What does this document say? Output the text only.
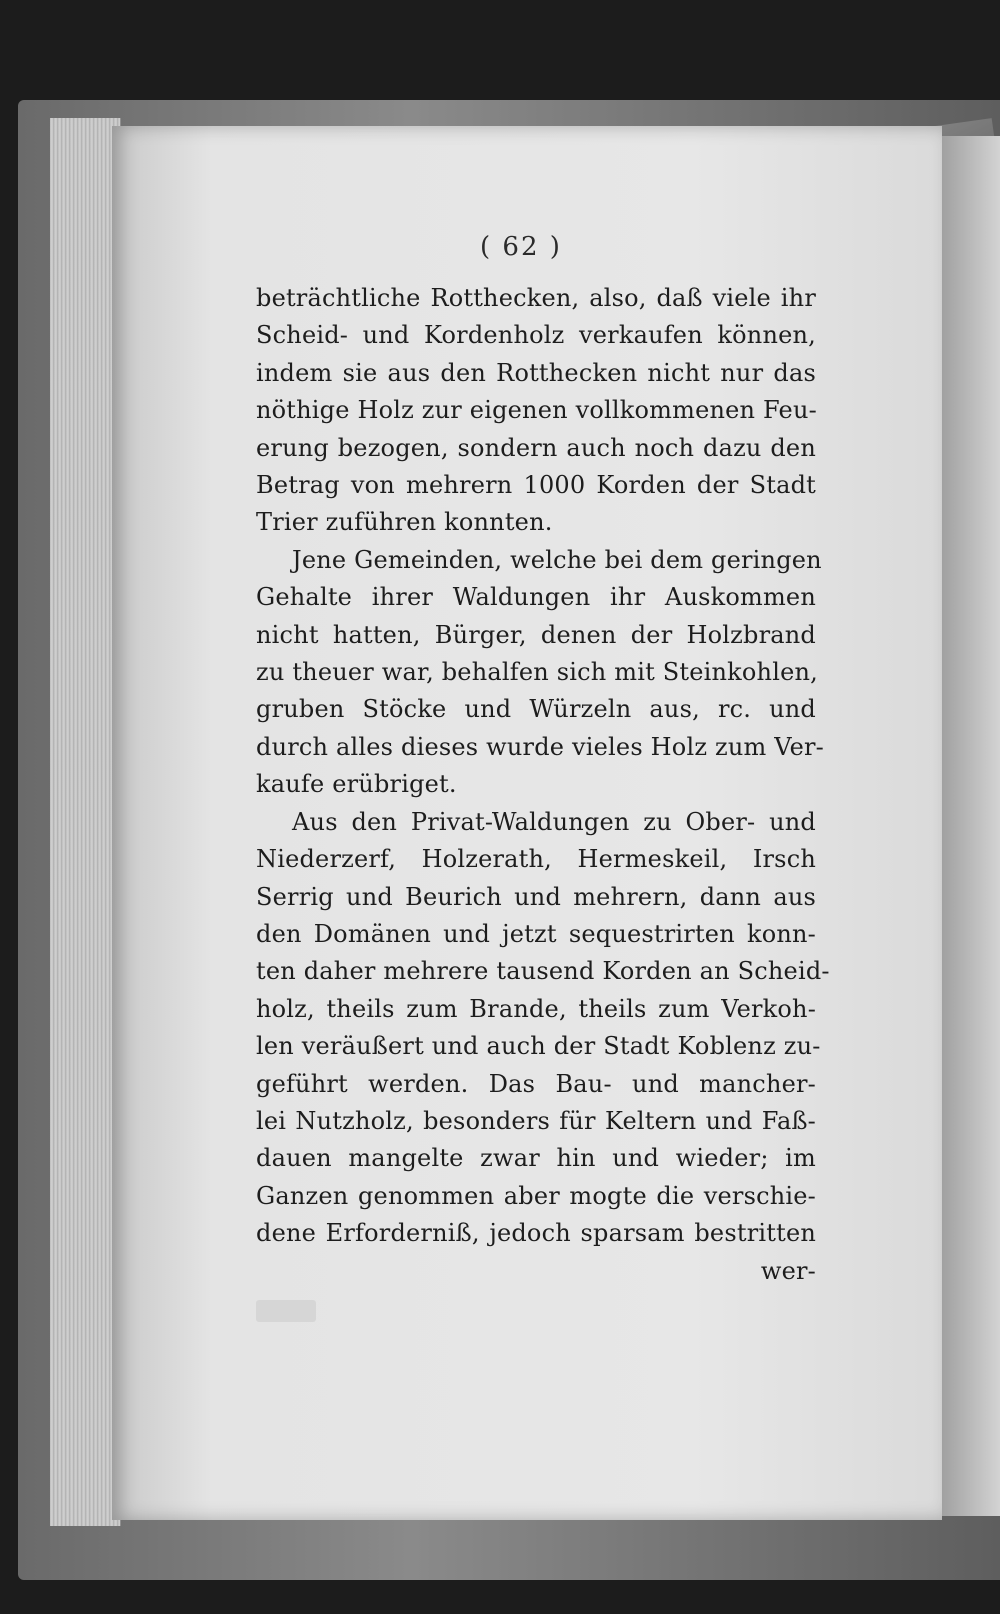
( 62 )
beträchtliche Rotthecken, also, daß viele ihr
Scheid- und Kordenholz verkaufen können,
indem sie aus den Rotthecken nicht nur das
nöthige Holz zur eigenen vollkommenen Feu-
erung bezogen, sondern auch noch dazu den
Betrag von mehrern 1000 Korden der Stadt
Trier zuführen konnten.
Jene Gemeinden, welche bei dem geringen
Gehalte ihrer Waldungen ihr Auskommen
nicht hatten, Bürger, denen der Holzbrand
zu theuer war, behalfen sich mit Steinkohlen,
gruben Stöcke und Würzeln aus, rc. und
durch alles dieses wurde vieles Holz zum Ver-
kaufe erübriget.
Aus den Privat-Waldungen zu Ober- und
Niederzerf, Holzerath, Hermeskeil, Irsch
Serrig und Beurich und mehrern, dann aus
den Domänen und jetzt sequestrirten konn-
ten daher mehrere tausend Korden an Scheid-
holz, theils zum Brande, theils zum Verkoh-
len veräußert und auch der Stadt Koblenz zu-
geführt werden. Das Bau- und mancher-
lei Nutzholz, besonders für Keltern und Faß-
dauen mangelte zwar hin und wieder; im
Ganzen genommen aber mogte die verschie-
dene Erforderniß, jedoch sparsam bestritten
wer-
